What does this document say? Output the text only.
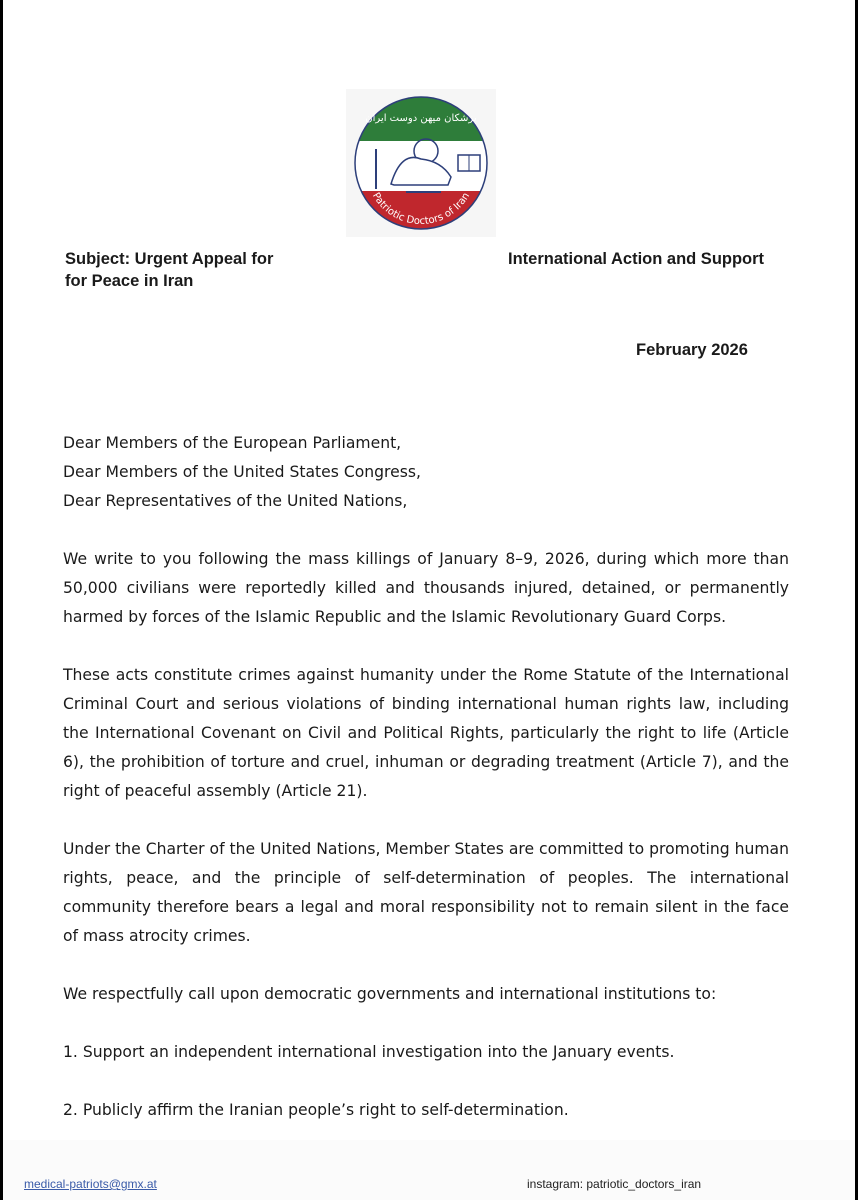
Patriotic Doctors of Iran
پزشکان میهن دوست ایران
Subject: Urgent Appeal for
for Peace in Iran
International Action and Support
February 2026
Dear Members of the European Parliament,
Dear Members of the United States Congress,
Dear Representatives of the United Nations,

We write to you following the mass killings of January 8–9, 2026, during which more than 50,000 civilians were reportedly killed and thousands injured, detained, or permanently harmed by forces of the Islamic Republic and the Islamic Revolutionary Guard Corps.

These acts constitute crimes against humanity under the Rome Statute of the International Criminal Court and serious violations of binding international human rights law, including the International Covenant on Civil and Political Rights, particularly the right to life (Article 6), the prohibition of torture and cruel, inhuman or degrading treatment (Article 7), and the right of peaceful assembly (Article 21).

Under the Charter of the United Nations, Member States are committed to promoting human rights, peace, and the principle of self-determination of peoples. The international community therefore bears a legal and moral responsibility not to remain silent in the face of mass atrocity crimes.

We respectfully call upon democratic governments and international institutions to:

1. Support an independent international investigation into the January events.

2. Publicly affirm the Iranian people’s right to self-determination.

medical-patriots@gmx.at	instagram: patriotic_doctors_iran
